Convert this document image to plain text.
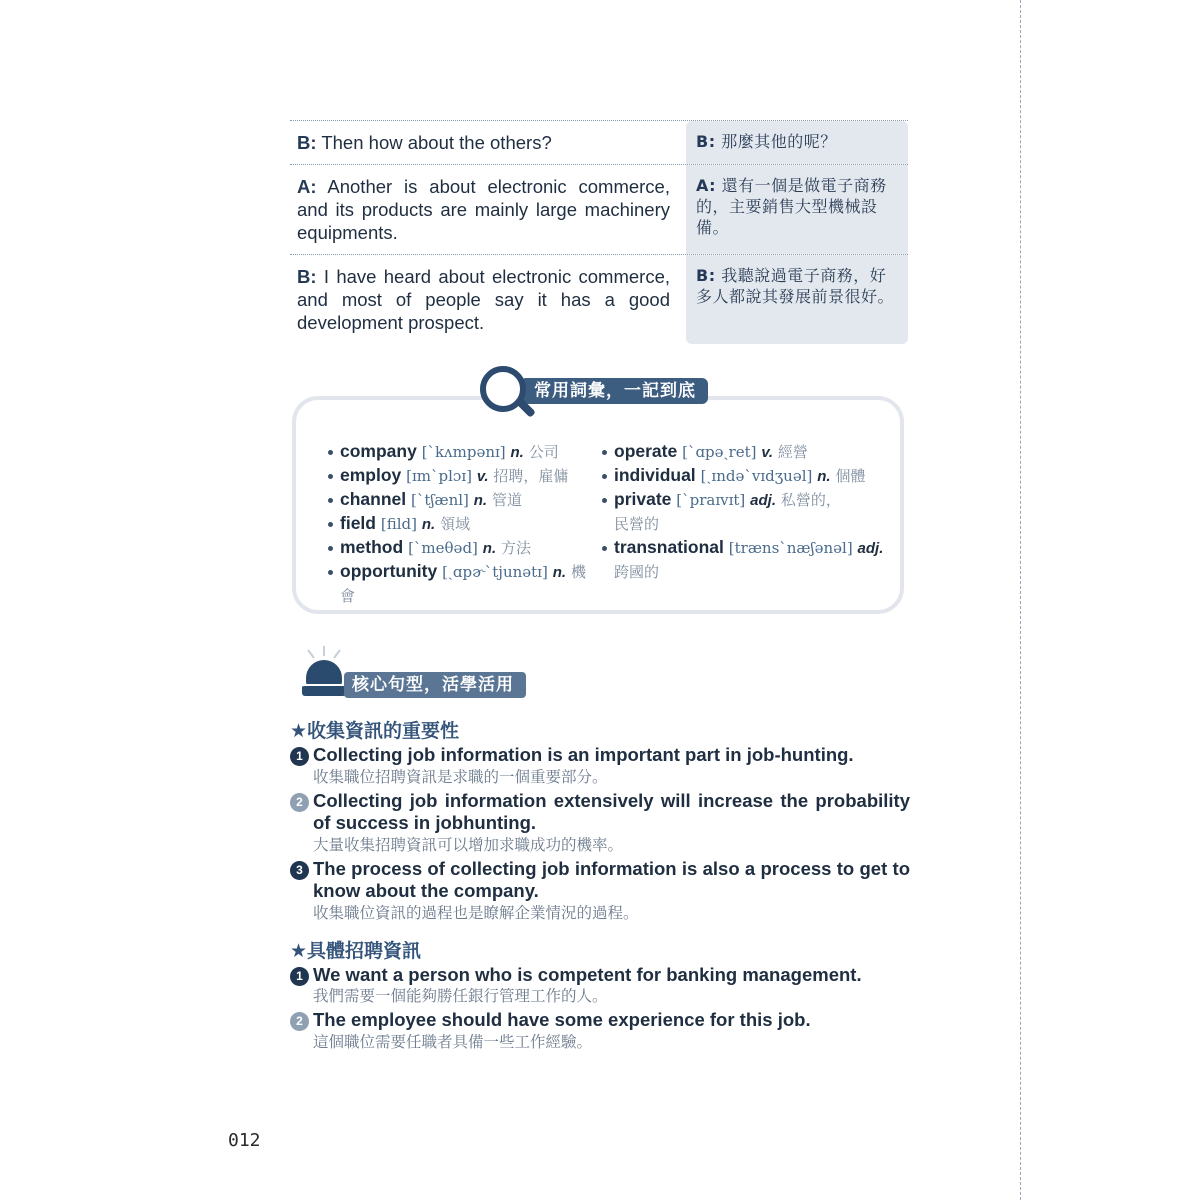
B: Then how about the others?	B: 那麼其他的呢？
A: Another is about electronic commerce, and its products are mainly large machinery equipments.
A: 還有一個是做電子商務的，主要銷售大型機械設備。
B: I have heard about electronic commerce, and most of people say it has a good development prospect.
B: 我聽說過電子商務，好多人都說其發展前景很好。
常用詞彙，一記到底
company [ˋkʌmpənɪ] n. 公司
employ [ɪmˋplɔɪ] v. 招聘，雇傭
channel [ˋtʃænl] n. 管道
field [fild] n. 領域
method [ˋmeθəd] n. 方法
opportunity [ˏɑpɚˋtjunətɪ] n. 機會
operate [ˋɑpəˏret] v. 經營
individual [ˏɪndəˋvɪdʒuəl] n. 個體
private [ˋpraɪvɪt] adj. 私營的，民營的
transnational [trænsˋnæʃənəl] adj. 跨國的
核心句型，活學活用
★收集資訊的重要性
1 Collecting job information is an important part in job-hunting.
收集職位招聘資訊是求職的一個重要部分。
2 Collecting job information extensively will increase the probability of success in jobhunting.
大量收集招聘資訊可以增加求職成功的機率。
3 The process of collecting job information is also a process to get to know about the company.
收集職位資訊的過程也是瞭解企業情況的過程。
★具體招聘資訊
1 We want a person who is competent for banking management.
我們需要一個能夠勝任銀行管理工作的人。
2 The employee should have some experience for this job.
這個職位需要任職者具備一些工作經驗。
012
